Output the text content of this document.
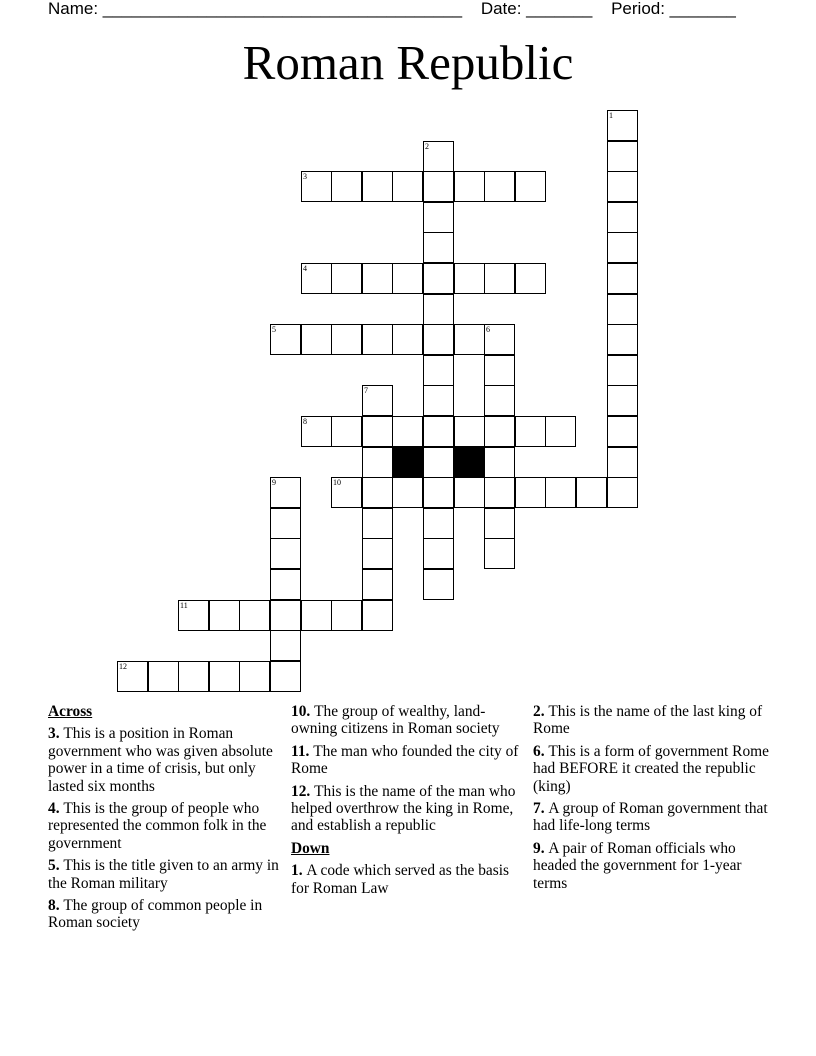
Name: ______________________________________ Date: _______ Period: _______
Roman Republic
3
4
5
8
10
11
12
1
2
6
7
9
Across
3. This is a position in Roman government who was given absolute power in a time of crisis, but only lasted six months
4. This is the group of people who represented the common folk in the government
5. This is the title given to an army in the Roman military
8. The group of common people in Roman society
10. The group of wealthy, land-owning citizens in Roman society
11. The man who founded the city of Rome
12. This is the name of the man who helped overthrow the king in Rome, and establish a republic
Down
1. A code which served as the basis for Roman Law
2. This is the name of the last king of Rome
6. This is a form of government Rome had BEFORE it created the republic (king)
7. A group of Roman government that had life-long terms
9. A pair of Roman officials who headed the government for 1-year terms
